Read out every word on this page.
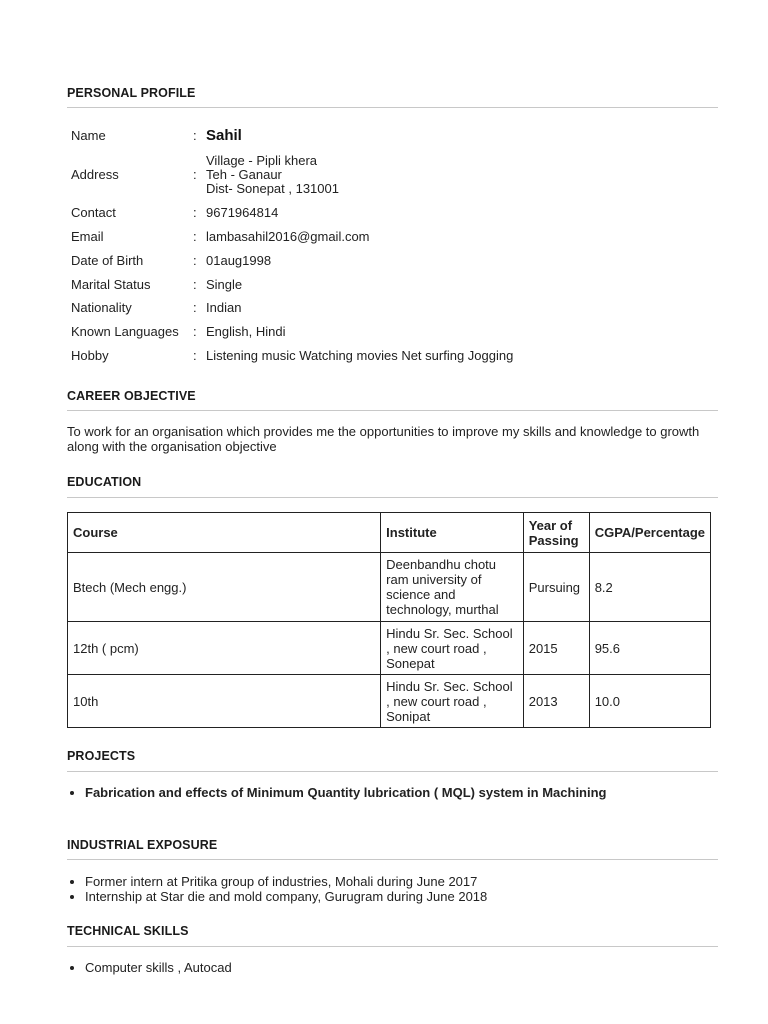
PERSONAL PROFILE
Name	: Sahil
Address	:
Village - Pipli khera
Teh - Ganaur
Dist- Sonepat , 131001
Contact	: 9671964814
Email	: lambasahil2016@gmail.com
Date of Birth	: 01aug1998
Marital Status	: Single
Nationality	: Indian
Known Languages : English, Hindi
Hobby	: Listening music Watching movies Net surfing Jogging
CAREER OBJECTIVE
To work for an organisation which provides me the opportunities to improve my skills and knowledge to growth along with the organisation objective
EDUCATION
Course	Institute	Year of Passing	CGPA/Percentage
Btech (Mech engg.)	Deenbandhu chotu ram university of science and technology, murthal	Pursuing	8.2
12th ( pcm)	Hindu Sr. Sec. School , new court road , Sonepat	2015	95.6
10th	Hindu Sr. Sec. School , new court road , Sonipat	2013	10.0
PROJECTS
• Fabrication and effects of Minimum Quantity lubrication ( MQL) system in Machining
INDUSTRIAL EXPOSURE
• Former intern at Pritika group of industries, Mohali during June 2017
• Internship at Star die and mold company, Gurugram during June 2018
TECHNICAL SKILLS
• Computer skills , Autocad
